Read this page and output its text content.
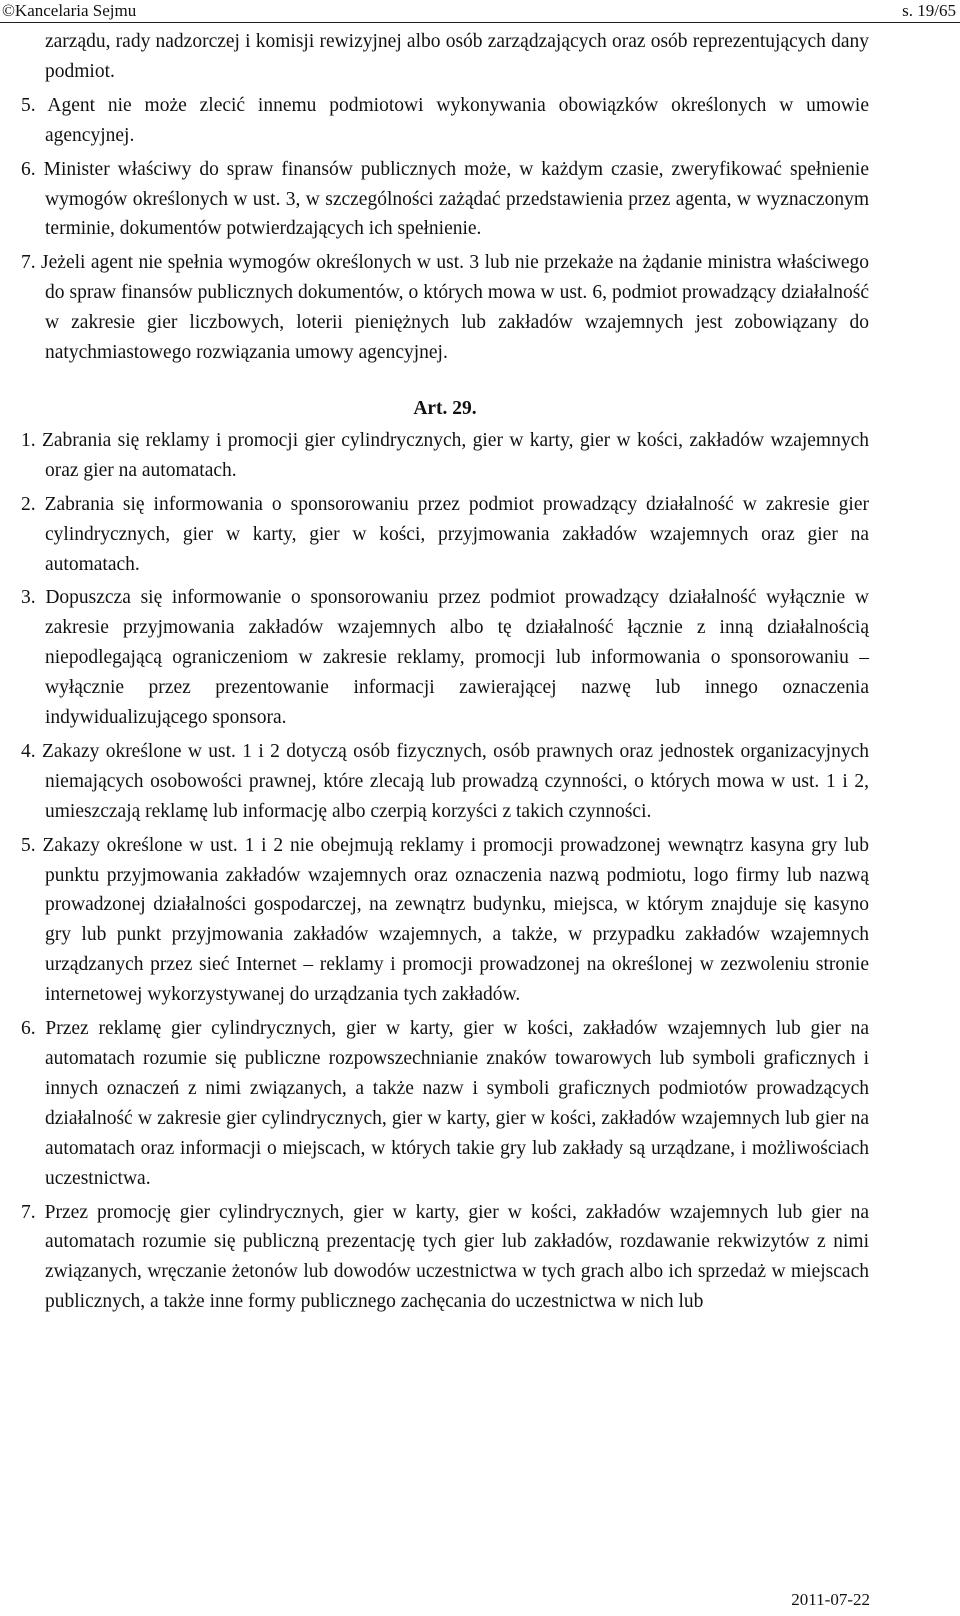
©Kancelaria Sejmu	s. 19/65

zarządu, rady nadzorczej i komisji rewizyjnej albo osób zarządzających oraz osób reprezentujących dany podmiot.

5. Agent nie może zlecić innemu podmiotowi wykonywania obowiązków określonych w umowie agencyjnej.

6. Minister właściwy do spraw finansów publicznych może, w każdym czasie, zweryfikować spełnienie wymogów określonych w ust. 3, w szczególności zażądać przedstawienia przez agenta, w wyznaczonym terminie, dokumentów potwierdzających ich spełnienie.

7. Jeżeli agent nie spełnia wymogów określonych w ust. 3 lub nie przekaże na żądanie ministra właściwego do spraw finansów publicznych dokumentów, o których mowa w ust. 6, podmiot prowadzący działalność w zakresie gier liczbowych, loterii pieniężnych lub zakładów wzajemnych jest zobowiązany do natychmiastowego rozwiązania umowy agencyjnej.

Art. 29.

1. Zabrania się reklamy i promocji gier cylindrycznych, gier w karty, gier w kości, zakładów wzajemnych oraz gier na automatach.

2. Zabrania się informowania o sponsorowaniu przez podmiot prowadzący działalność w zakresie gier cylindrycznych, gier w karty, gier w kości, przyjmowania zakładów wzajemnych oraz gier na automatach.

3. Dopuszcza się informowanie o sponsorowaniu przez podmiot prowadzący działalność wyłącznie w zakresie przyjmowania zakładów wzajemnych albo tę działalność łącznie z inną działalnością niepodlegającą ograniczeniom w zakresie reklamy, promocji lub informowania o sponsorowaniu – wyłącznie przez prezentowanie informacji zawierającej nazwę lub innego oznaczenia indywidualizującego sponsora.

4. Zakazy określone w ust. 1 i 2 dotyczą osób fizycznych, osób prawnych oraz jednostek organizacyjnych niemających osobowości prawnej, które zlecają lub prowadzą czynności, o których mowa w ust. 1 i 2, umieszczają reklamę lub informację albo czerpią korzyści z takich czynności.

5. Zakazy określone w ust. 1 i 2 nie obejmują reklamy i promocji prowadzonej wewnątrz kasyna gry lub punktu przyjmowania zakładów wzajemnych oraz oznaczenia nazwą podmiotu, logo firmy lub nazwą prowadzonej działalności gospodarczej, na zewnątrz budynku, miejsca, w którym znajduje się kasyno gry lub punkt przyjmowania zakładów wzajemnych, a także, w przypadku zakładów wzajemnych urządzanych przez sieć Internet – reklamy i promocji prowadzonej na określonej w zezwoleniu stronie internetowej wykorzystywanej do urządzania tych zakładów.

6. Przez reklamę gier cylindrycznych, gier w karty, gier w kości, zakładów wzajemnych lub gier na automatach rozumie się publiczne rozpowszechnianie znaków towarowych lub symboli graficznych i innych oznaczeń z nimi związanych, a także nazw i symboli graficznych podmiotów prowadzących działalność w zakresie gier cylindrycznych, gier w karty, gier w kości, zakładów wzajemnych lub gier na automatach oraz informacji o miejscach, w których takie gry lub zakłady są urządzane, i możliwościach uczestnictwa.

7. Przez promocję gier cylindrycznych, gier w karty, gier w kości, zakładów wzajemnych lub gier na automatach rozumie się publiczną prezentację tych gier lub zakładów, rozdawanie rekwizytów z nimi związanych, wręczanie żetonów lub dowodów uczestnictwa w tych grach albo ich sprzedaż w miejscach publicznych, a także inne formy publicznego zachęcania do uczestnictwa w nich lub

2011-07-22
